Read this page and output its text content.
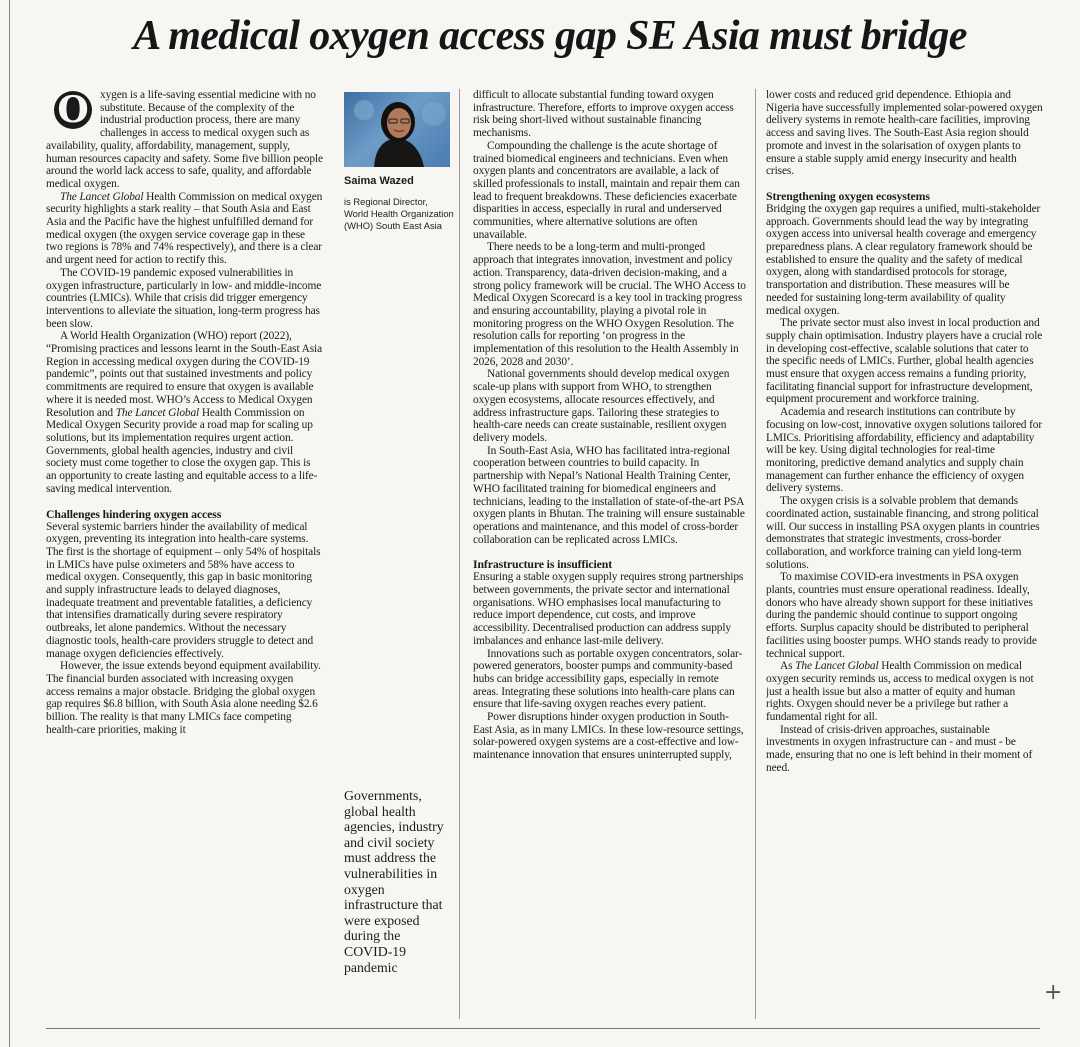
A medical oxygen access gap SE Asia must bridge

O xygen is a life-saving essential medicine with no substitute. Because of the complexity of the industrial production process, there are many challenges in access to medical oxygen such as availability, quality, affordability, management, supply, human resources capacity and safety. Some five billion people around the world lack access to safe, quality, and affordable medical oxygen.

The Lancet Global Health Commission on medical oxygen security highlights a stark reality – that South Asia and East Asia and the Pacific have the highest unfulfilled demand for medical oxygen (the oxygen service coverage gap in these two regions is 78% and 74% respectively), and there is a clear and urgent need for action to rectify this.

The COVID-19 pandemic exposed vulnerabilities in oxygen infrastructure, particularly in low- and middle-income countries (LMICs). While that crisis did trigger emergency interventions to alleviate the situation, long-term progress has been slow.

A World Health Organization (WHO) report (2022), “Promising practices and lessons learnt in the South-East Asia Region in accessing medical oxygen during the COVID-19 pandemic”, points out that sustained investments and policy commitments are required to ensure that oxygen is available where it is needed most. WHO’s Access to Medical Oxygen Resolution and The Lancet Global Health Commission on Medical Oxygen Security provide a road map for scaling up solutions, but its implementation requires urgent action. Governments, global health agencies, industry and civil society must come together to close the oxygen gap. This is an opportunity to create lasting and equitable access to a life-saving medical intervention.

Challenges hindering oxygen access

Several systemic barriers hinder the availability of medical oxygen, preventing its integration into health-care systems. The first is the shortage of equipment – only 54% of hospitals in LMICs have pulse oximeters and 58% have access to medical oxygen. Consequently, this gap in basic monitoring and supply infrastructure leads to delayed diagnoses, inadequate treatment and preventable fatalities, a deficiency that intensifies dramatically during severe respiratory outbreaks, let alone pandemics. Without the necessary diagnostic tools, health-care providers struggle to detect and manage oxygen deficiencies effectively.

However, the issue extends beyond equipment availability. The financial burden associated with increasing oxygen access remains a major obstacle. Bridging the global oxygen gap requires $6.8 billion, with South Asia alone needing $2.6 billion. The reality is that many LMICs face competing health-care priorities, making it

Saima Wazed
is Regional Director, World Health Organization (WHO) South East Asia
Governments, global health agencies, industry and civil society must address the vulnerabilities in oxygen infrastructure that were exposed during the COVID-19 pandemic

difficult to allocate substantial funding toward oxygen infrastructure. Therefore, efforts to improve oxygen access risk being short-lived without sustainable financing mechanisms.

Compounding the challenge is the acute shortage of trained biomedical engineers and technicians. Even when oxygen plants and concentrators are available, a lack of skilled professionals to install, maintain and repair them can lead to frequent breakdowns. These deficiencies exacerbate disparities in access, especially in rural and underserved communities, where alternative solutions are often unavailable.

There needs to be a long-term and multi-pronged approach that integrates innovation, investment and policy action. Transparency, data-driven decision-making, and a strong policy framework will be crucial. The WHO Access to Medical Oxygen Scorecard is a key tool in tracking progress and ensuring accountability, playing a pivotal role in monitoring progress on the WHO Oxygen Resolution. The resolution calls for reporting ‘on progress in the implementation of this resolution to the Health Assembly in 2026, 2028 and 2030’.

National governments should develop medical oxygen scale-up plans with support from WHO, to strengthen oxygen ecosystems, allocate resources effectively, and address infrastructure gaps. Tailoring these strategies to health-care needs can create sustainable, resilient oxygen delivery models.

In South-East Asia, WHO has facilitated intra-regional cooperation between countries to build capacity. In partnership with Nepal’s National Health Training Center, WHO facilitated training for biomedical engineers and technicians, leading to the installation of state-of-the-art PSA oxygen plants in Bhutan. The training will ensure sustainable operations and maintenance, and this model of cross-border collaboration can be replicated across LMICs.

Infrastructure is insufficient

Ensuring a stable oxygen supply requires strong partnerships between governments, the private sector and international organisations. WHO emphasises local manufacturing to reduce import dependence, cut costs, and improve accessibility. Decentralised production can address supply imbalances and enhance last-mile delivery.

Innovations such as portable oxygen concentrators, solar-powered generators, booster pumps and community-based hubs can bridge accessibility gaps, especially in remote areas. Integrating these solutions into health-care plans can ensure that life-saving oxygen reaches every patient.

Power disruptions hinder oxygen production in South-East Asia, as in many LMICs. In these low-resource settings, solar-powered oxygen systems are a cost-effective and low-maintenance innovation that ensures uninterrupted supply,

lower costs and reduced grid dependence. Ethiopia and Nigeria have successfully implemented solar-powered oxygen delivery systems in remote health-care facilities, improving access and saving lives. The South-East Asia region should promote and invest in the solarisation of oxygen plants to ensure a stable supply amid energy insecurity and health crises.

Strengthening oxygen ecosystems

Bridging the oxygen gap requires a unified, multi-stakeholder approach. Governments should lead the way by integrating oxygen access into universal health coverage and emergency preparedness plans. A clear regulatory framework should be established to ensure the quality and the safety of medical oxygen, along with standardised protocols for storage, transportation and distribution. These measures will be needed for sustaining long-term availability of quality medical oxygen.

The private sector must also invest in local production and supply chain optimisation. Industry players have a crucial role in developing cost-effective, scalable solutions that cater to the specific needs of LMICs. Further, global health agencies must ensure that oxygen access remains a funding priority, facilitating financial support for infrastructure development, equipment procurement and workforce training.

Academia and research institutions can contribute by focusing on low-cost, innovative oxygen solutions tailored for LMICs. Prioritising affordability, efficiency and adaptability will be key. Using digital technologies for real-time monitoring, predictive demand analytics and supply chain management can further enhance the efficiency of oxygen delivery systems.

The oxygen crisis is a solvable problem that demands coordinated action, sustainable financing, and strong political will. Our success in installing PSA oxygen plants in countries demonstrates that strategic investments, cross-border collaboration, and workforce training can yield long-term solutions.

To maximise COVID-era investments in PSA oxygen plants, countries must ensure operational readiness. Ideally, donors who have already shown support for these initiatives during the pandemic should continue to support ongoing efforts. Surplus capacity should be distributed to peripheral facilities using booster pumps. WHO stands ready to provide technical support.

As The Lancet Global Health Commission on medical oxygen security reminds us, access to medical oxygen is not just a health issue but also a matter of equity and human rights. Oxygen should never be a privilege but rather a fundamental right for all.

Instead of crisis-driven approaches, sustainable investments in oxygen infrastructure can - and must - be made, ensuring that no one is left behind in their moment of need.

+
